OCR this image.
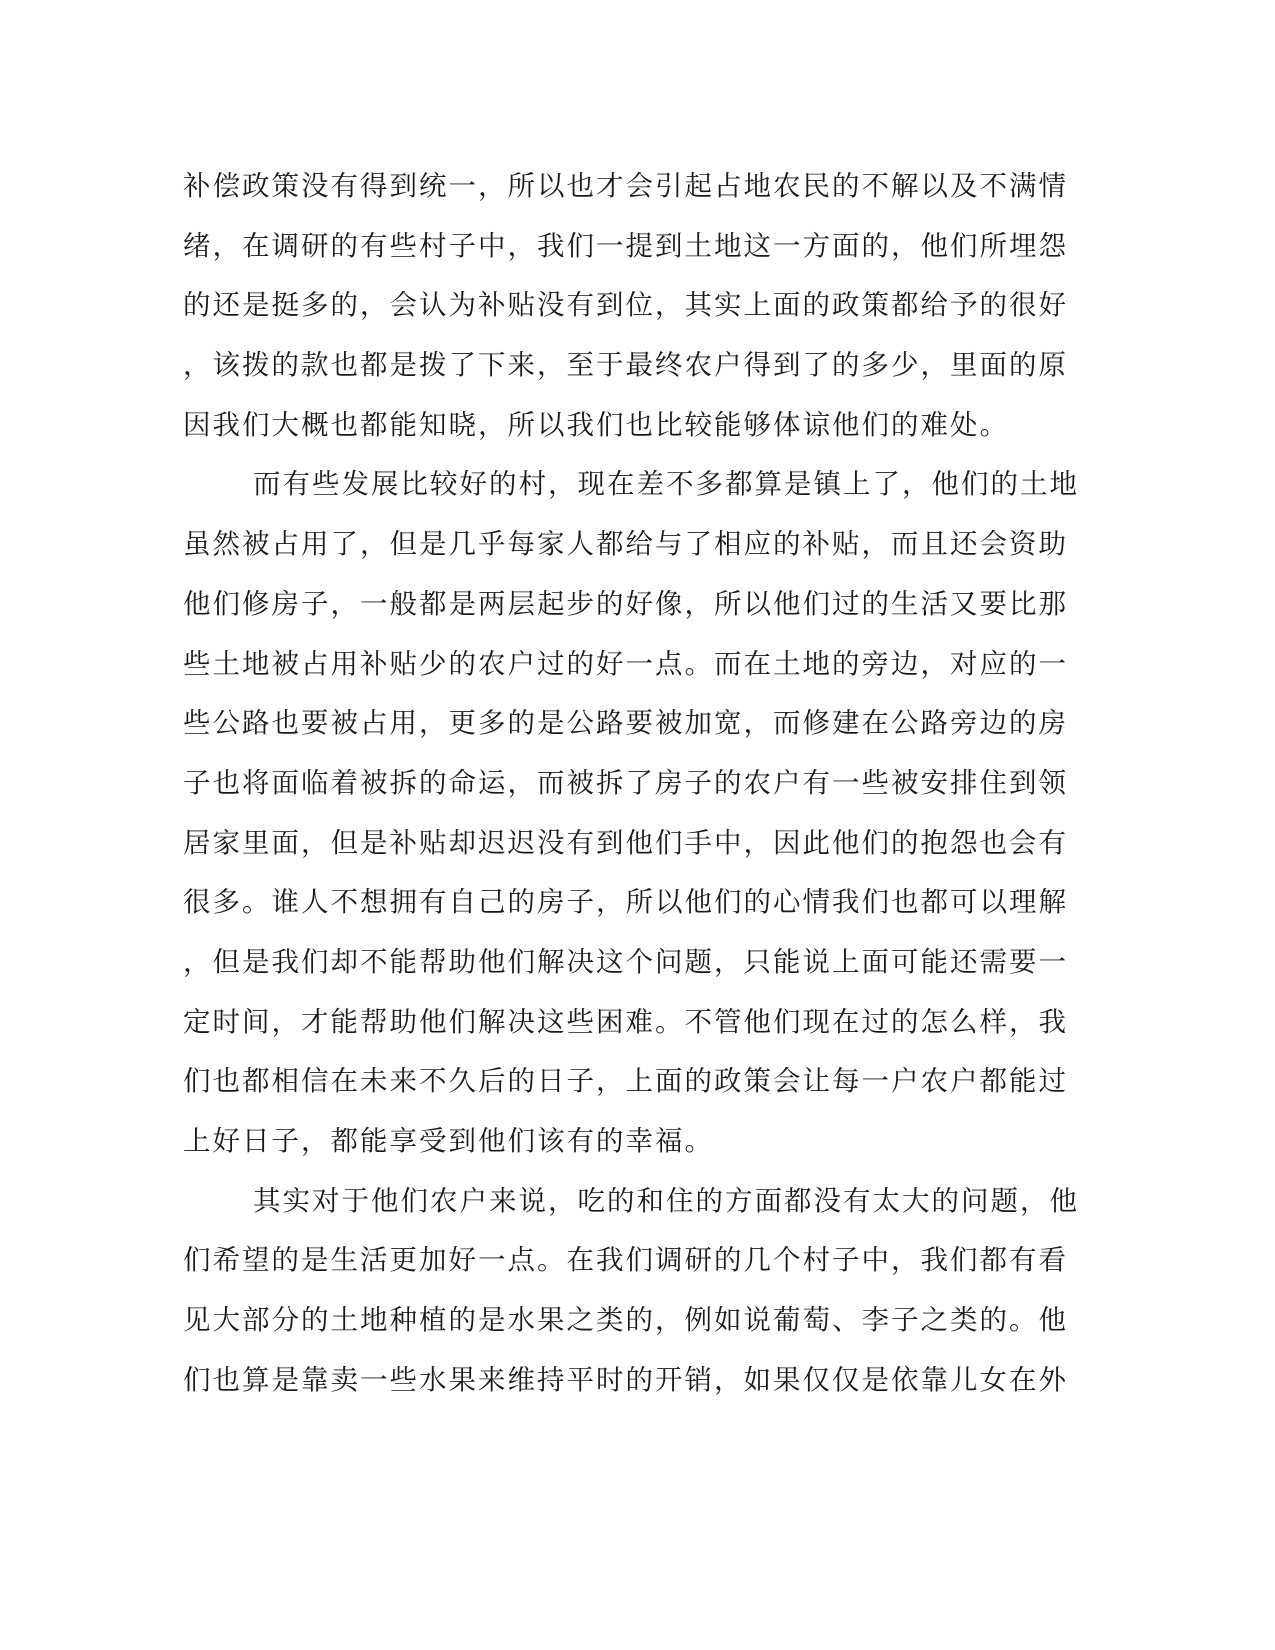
补偿政策没有得到统一，所以也才会引起占地农民的不解以及不满情
绪，在调研的有些村子中，我们一提到土地这一方面的，他们所埋怨
的还是挺多的，会认为补贴没有到位，其实上面的政策都给予的很好
，该拨的款也都是拨了下来，至于最终农户得到了的多少，里面的原
因我们大概也都能知晓，所以我们也比较能够体谅他们的难处。
而有些发展比较好的村，现在差不多都算是镇上了，他们的土地
虽然被占用了，但是几乎每家人都给与了相应的补贴，而且还会资助
他们修房子，一般都是两层起步的好像，所以他们过的生活又要比那
些土地被占用补贴少的农户过的好一点。而在土地的旁边，对应的一
些公路也要被占用，更多的是公路要被加宽，而修建在公路旁边的房
子也将面临着被拆的命运，而被拆了房子的农户有一些被安排住到领
居家里面，但是补贴却迟迟没有到他们手中，因此他们的抱怨也会有
很多。谁人不想拥有自己的房子，所以他们的心情我们也都可以理解
，但是我们却不能帮助他们解决这个问题，只能说上面可能还需要一
定时间，才能帮助他们解决这些困难。不管他们现在过的怎么样，我
们也都相信在未来不久后的日子，上面的政策会让每一户农户都能过
上好日子，都能享受到他们该有的幸福。
其实对于他们农户来说，吃的和住的方面都没有太大的问题，他
们希望的是生活更加好一点。在我们调研的几个村子中，我们都有看
见大部分的土地种植的是水果之类的，例如说葡萄、李子之类的。他
们也算是靠卖一些水果来维持平时的开销，如果仅仅是依靠儿女在外
